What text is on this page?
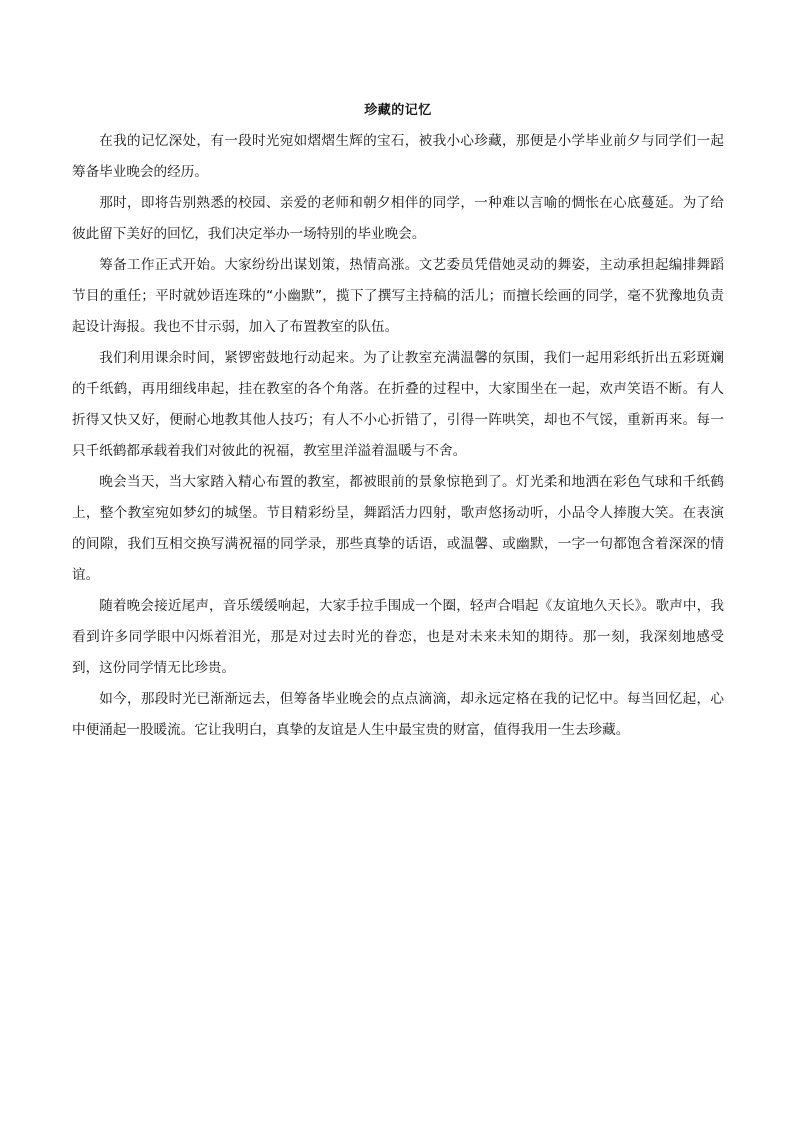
珍藏的记忆

在我的记忆深处，有一段时光宛如熠熠生辉的宝石，被我小心珍藏，那便是小学毕业前夕与同学们一起筹备毕业晚会的经历。

那时，即将告别熟悉的校园、亲爱的老师和朝夕相伴的同学，一种难以言喻的惆怅在心底蔓延。为了给彼此留下美好的回忆，我们决定举办一场特别的毕业晚会。

筹备工作正式开始。大家纷纷出谋划策，热情高涨。文艺委员凭借她灵动的舞姿，主动承担起编排舞蹈节目的重任；平时就妙语连珠的“小幽默”，揽下了撰写主持稿的活儿；而擅长绘画的同学，毫不犹豫地负责起设计海报。我也不甘示弱，加入了布置教室的队伍。

我们利用课余时间，紧锣密鼓地行动起来。为了让教室充满温馨的氛围，我们一起用彩纸折出五彩斑斓的千纸鹤，再用细线串起，挂在教室的各个角落。在折叠的过程中，大家围坐在一起，欢声笑语不断。有人折得又快又好，便耐心地教其他人技巧；有人不小心折错了，引得一阵哄笑，却也不气馁，重新再来。每一只千纸鹤都承载着我们对彼此的祝福，教室里洋溢着温暖与不舍。

晚会当天，当大家踏入精心布置的教室，都被眼前的景象惊艳到了。灯光柔和地洒在彩色气球和千纸鹤上，整个教室宛如梦幻的城堡。节目精彩纷呈，舞蹈活力四射，歌声悠扬动听，小品令人捧腹大笑。在表演的间隙，我们互相交换写满祝福的同学录，那些真挚的话语，或温馨、或幽默，一字一句都饱含着深深的情谊。

随着晚会接近尾声，音乐缓缓响起，大家手拉手围成一个圈，轻声合唱起《友谊地久天长》。歌声中，我看到许多同学眼中闪烁着泪光，那是对过去时光的眷恋，也是对未来未知的期待。那一刻，我深刻地感受到，这份同学情无比珍贵。

如今，那段时光已渐渐远去，但筹备毕业晚会的点点滴滴，却永远定格在我的记忆中。每当回忆起，心中便涌起一股暖流。它让我明白，真挚的友谊是人生中最宝贵的财富，值得我用一生去珍藏。
